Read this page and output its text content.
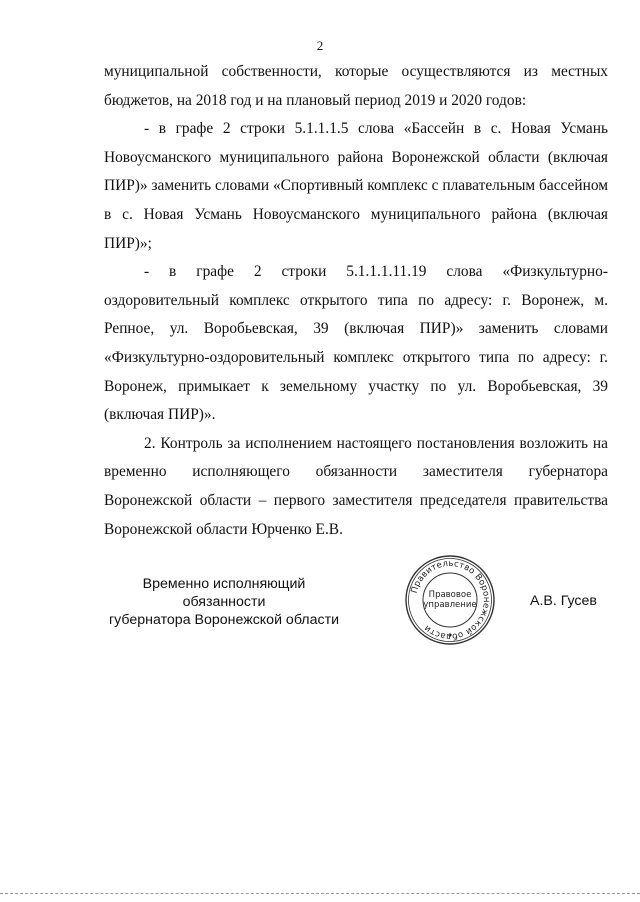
2

муниципальной собственности, которые осуществляются из местных бюджетов, на 2018 год и на плановый период 2019 и 2020 годов:

- в графе 2 строки 5.1.1.1.5 слова «Бассейн в с. Новая Усмань Новоусманского муниципального района Воронежской области (включая ПИР)» заменить словами «Спортивный комплекс с плавательным бассейном в с. Новая Усмань Новоусманского муниципального района (включая ПИР)»;

- в графе 2 строки 5.1.1.1.11.19 слова «Физкультурно-оздоровительный комплекс открытого типа по адресу: г. Воронеж, м. Репное, ул. Воробьевская, 39 (включая ПИР)» заменить словами «Физкультурно-оздоровительный комплекс открытого типа по адресу: г. Воронеж, примыкает к земельному участку по ул. Воробьевская, 39 (включая ПИР)».

2. Контроль за исполнением настоящего постановления возложить на временно исполняющего обязанности заместителя губернатора Воронежской области – первого заместителя председателя правительства Воронежской области Юрченко Е.В.

Временно исполняющий обязанности
губернатора Воронежской области
Правительство Воронежской области
Правовое
управление	А.В. Гусев
